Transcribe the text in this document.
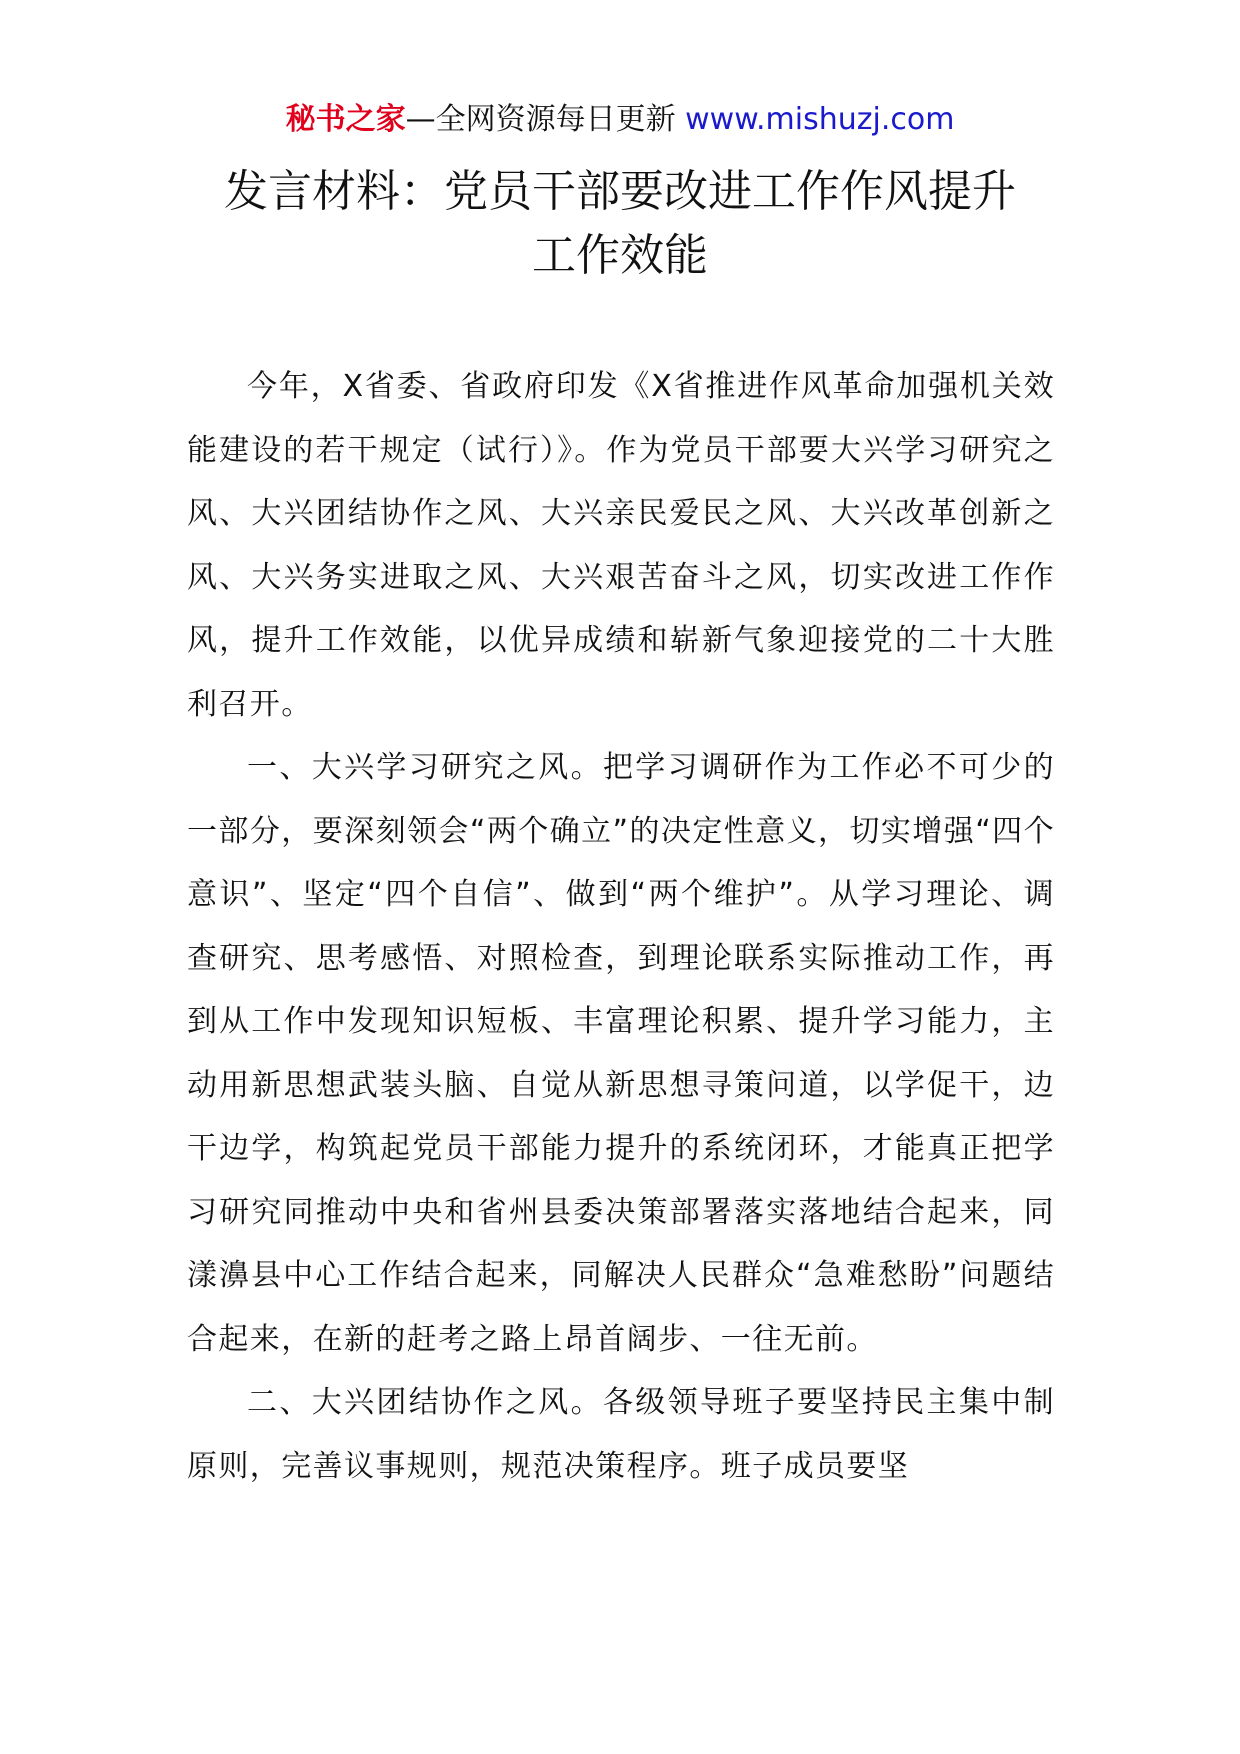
秘书之家—全网资源每日更新 www.mishuzj.com
发言材料：党员干部要改进工作作风提升
工作效能

今年，X省委、省政府印发《X省推进作风革命加强机关效能建设的若干规定（试行）》。作为党员干部要大兴学习研究之风、大兴团结协作之风、大兴亲民爱民之风、大兴改革创新之风、大兴务实进取之风、大兴艰苦奋斗之风，切实改进工作作风，提升工作效能，以优异成绩和崭新气象迎接党的二十大胜利召开。

一、大兴学习研究之风。把学习调研作为工作必不可少的一部分，要深刻领会“两个确立”的决定性意义，切实增强“四个意识”、坚定“四个自信”、做到“两个维护”。从学习理论、调查研究、思考感悟、对照检查，到理论联系实际推动工作，再到从工作中发现知识短板、丰富理论积累、提升学习能力，主动用新思想武装头脑、自觉从新思想寻策问道，以学促干，边干边学，构筑起党员干部能力提升的系统闭环，才能真正把学习研究同推动中央和省州县委决策部署落实落地结合起来，同漾濞县中心工作结合起来，同解决人民群众“急难愁盼”问题结合起来，在新的赶考之路上昂首阔步、一往无前。

二、大兴团结协作之风。各级领导班子要坚持民主集中制原则，完善议事规则，规范决策程序。班子成员要坚
